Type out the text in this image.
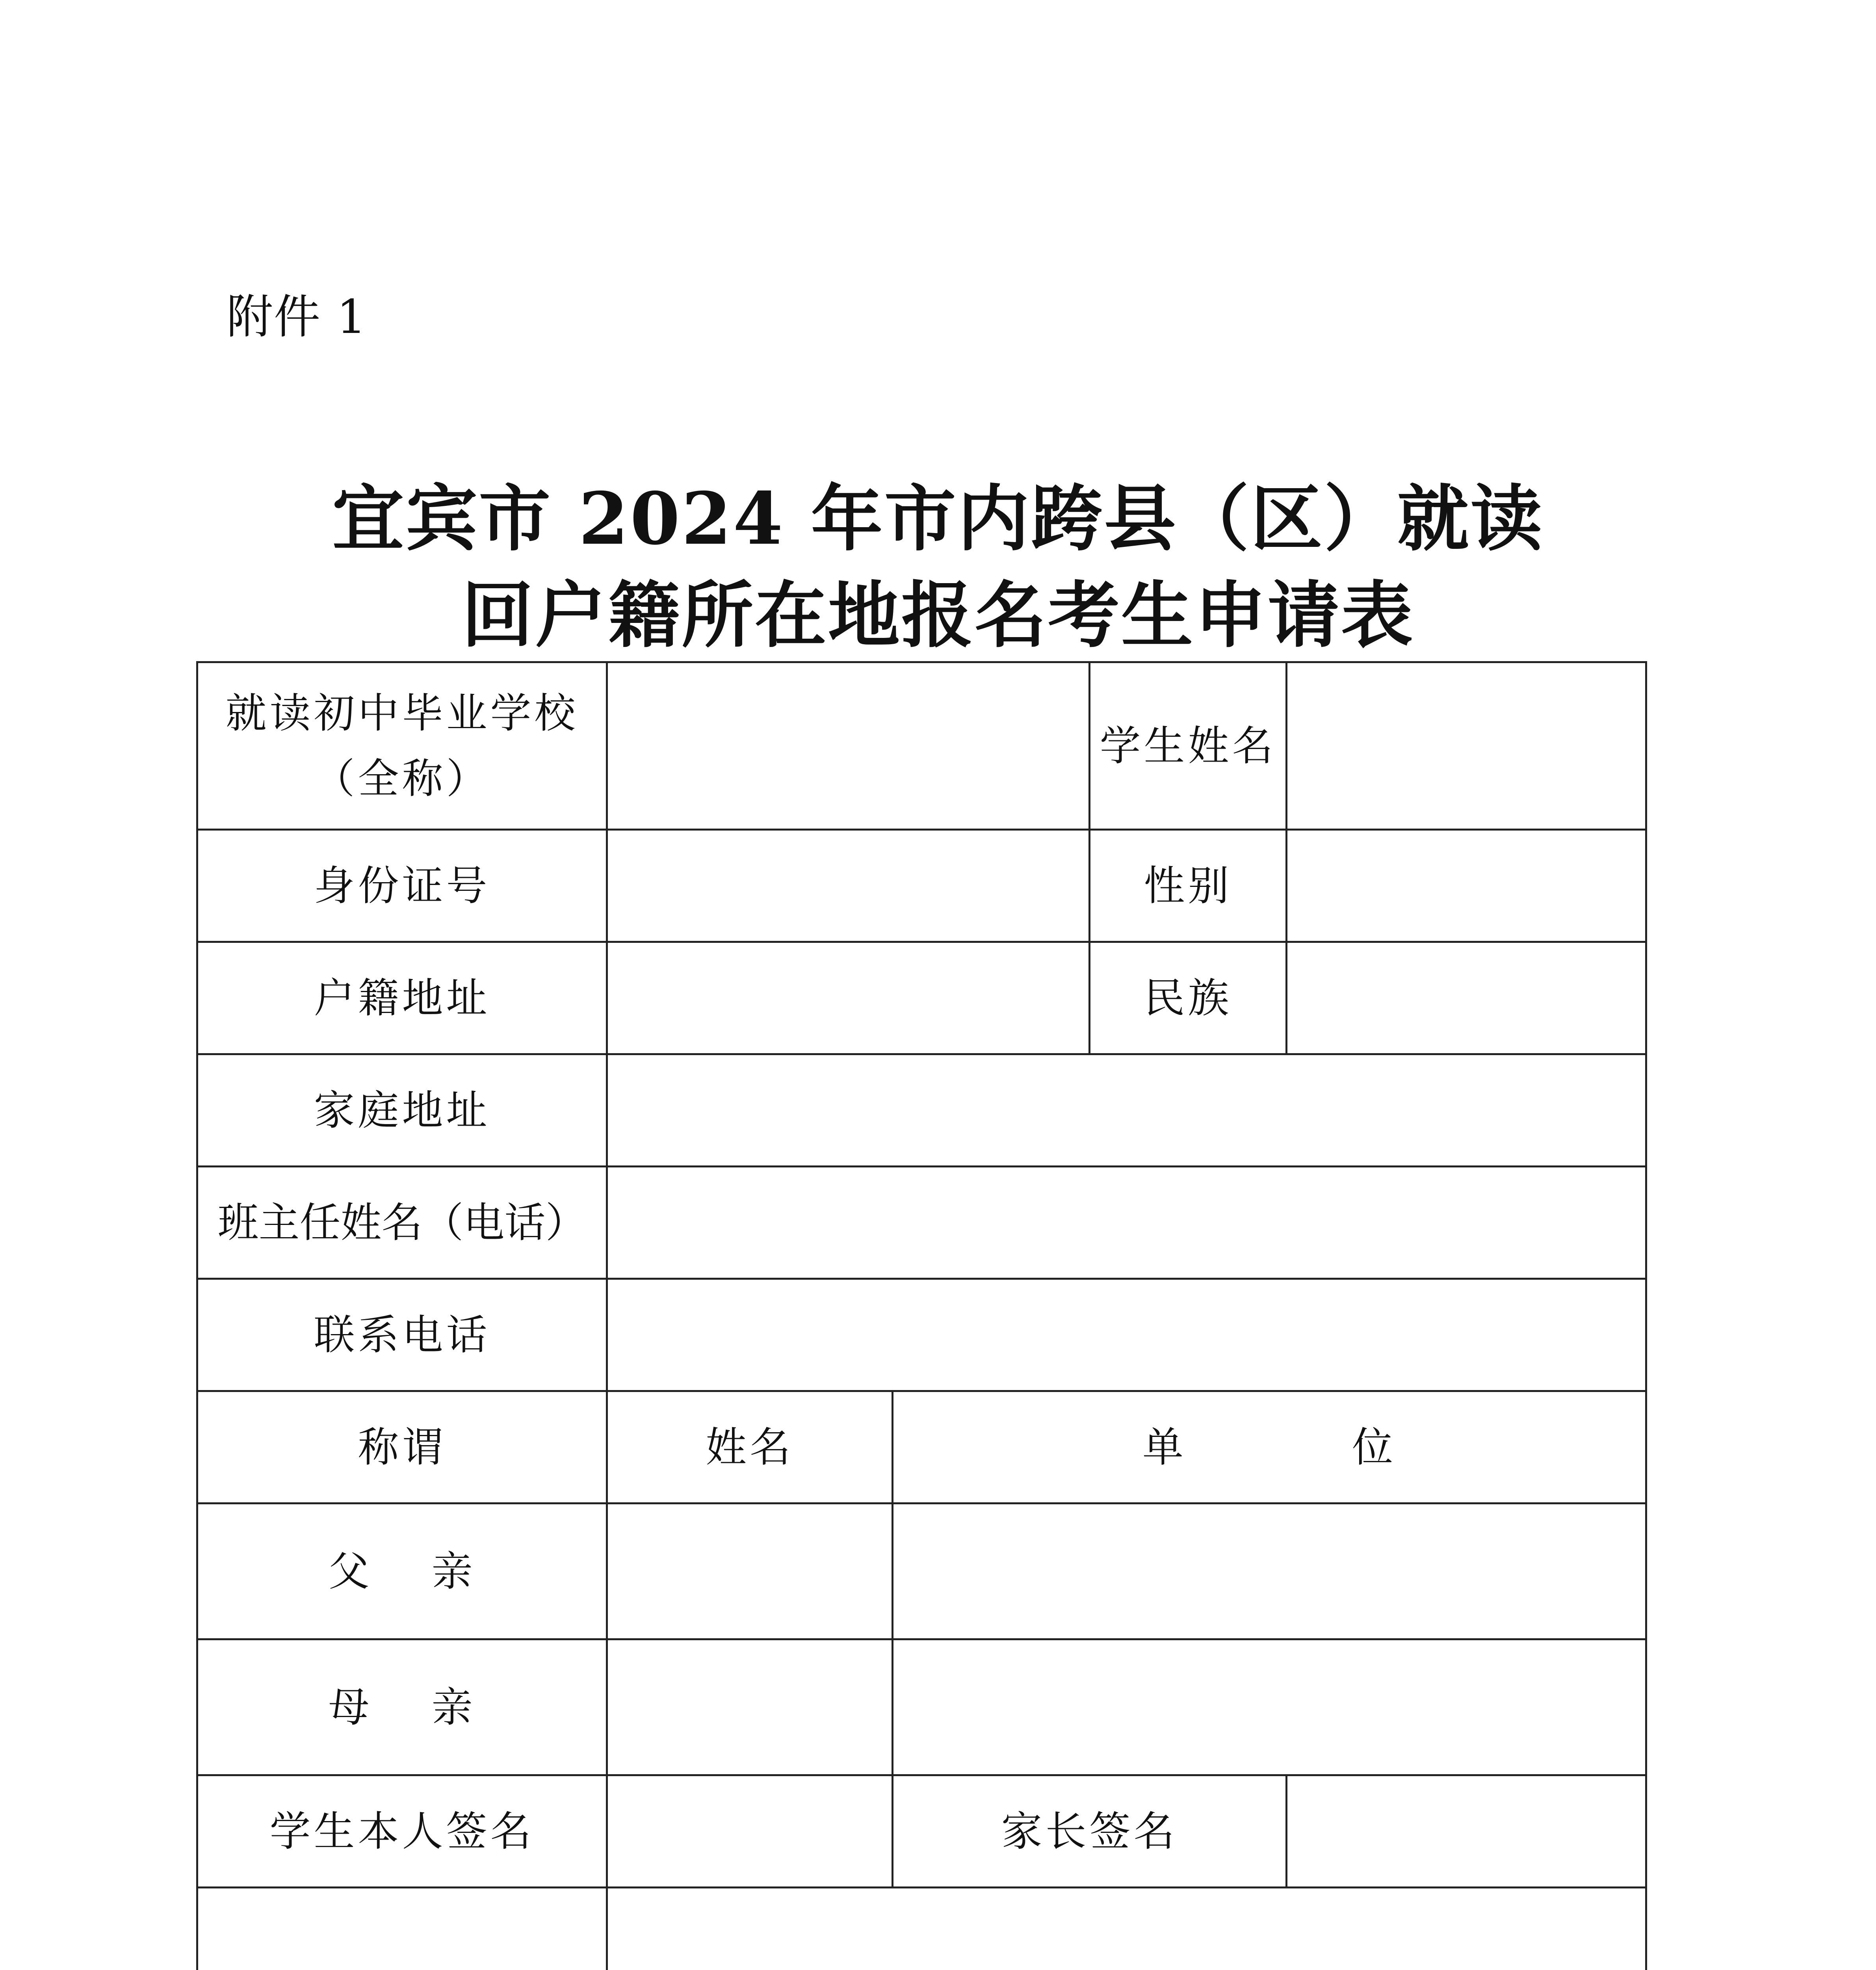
附件 1
宜宾市 2024 年市内跨县（区）就读
回户籍所在地报名考生申请表
就读初中毕业学校
（全称）			学生姓名	
身份证号			性别	
户籍地址			民族	
家庭地址				
班主任姓名（电话）				
联系电话				
称谓	姓名	单 位		
父 亲				
母 亲				
学生本人签名		家长签名		
